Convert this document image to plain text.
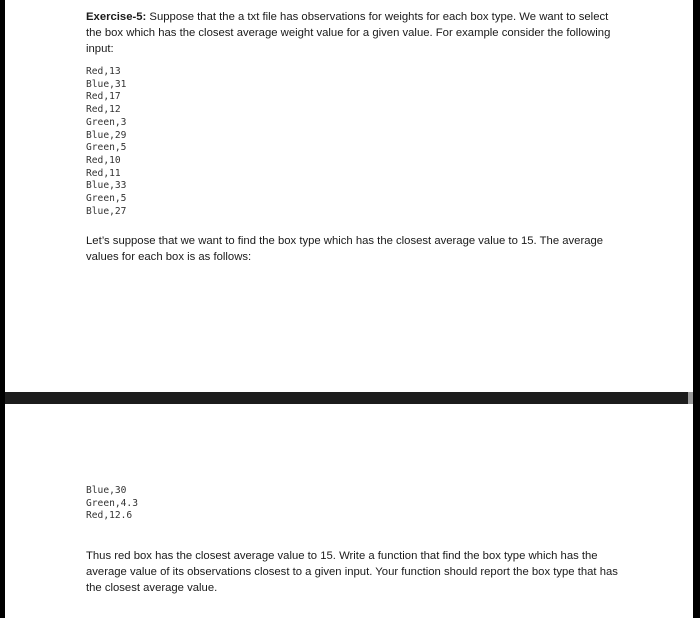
Exercise-5: Suppose that the a txt file has observations for weights for each box type. We want to select the box which has the closest average weight value for a given value. For example consider the following input:

Red,13
Blue,31
Red,17
Red,12
Green,3
Blue,29
Green,5
Red,10
Red,11
Blue,33
Green,5
Blue,27

Let’s suppose that we want to find the box type which has the closest average value to 15. The average values for each box is as follows:

Blue,30
Green,4.3
Red,12.6

Thus red box has the closest average value to 15. Write a function that find the box type which has the average value of its observations closest to a given input. Your function should report the box type that has the closest average value.
